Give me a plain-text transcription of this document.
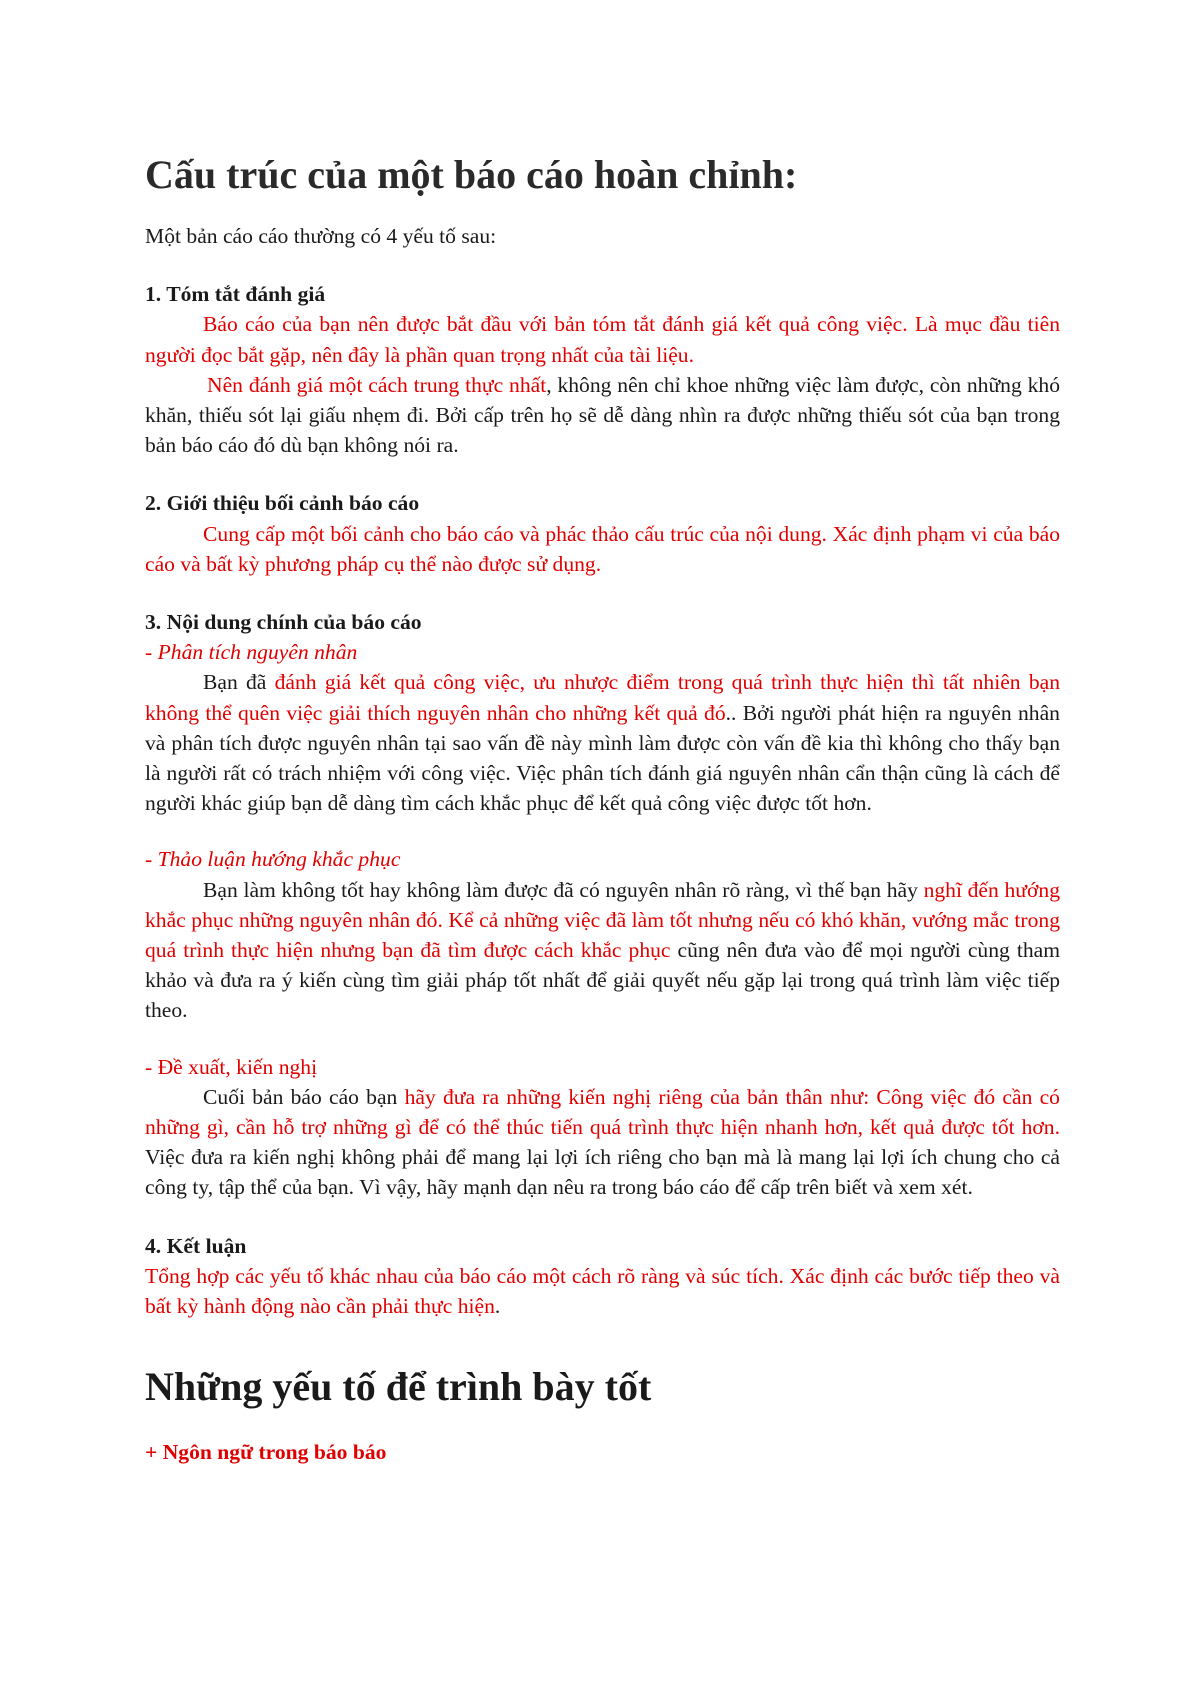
Cấu trúc của một báo cáo hoàn chỉnh:

Một bản cáo cáo thường có 4 yếu tố sau:

1. Tóm tắt đánh giá

Báo cáo của bạn nên được bắt đầu với bản tóm tắt đánh giá kết quả công việc. Là mục đầu tiên người đọc bắt gặp, nên đây là phần quan trọng nhất của tài liệu.

Nên đánh giá một cách trung thực nhất, không nên chỉ khoe những việc làm được, còn những khó khăn, thiếu sót lại giấu nhẹm đi. Bởi cấp trên họ sẽ dễ dàng nhìn ra được những thiếu sót của bạn trong bản báo cáo đó dù bạn không nói ra.

2. Giới thiệu bối cảnh báo cáo

Cung cấp một bối cảnh cho báo cáo và phác thảo cấu trúc của nội dung. Xác định phạm vi của báo cáo và bất kỳ phương pháp cụ thể nào được sử dụng.

3. Nội dung chính của báo cáo

- Phân tích nguyên nhân

Bạn đã đánh giá kết quả công việc, ưu nhược điểm trong quá trình thực hiện thì tất nhiên bạn không thể quên việc giải thích nguyên nhân cho những kết quả đó.. Bởi người phát hiện ra nguyên nhân và phân tích được nguyên nhân tại sao vấn đề này mình làm được còn vấn đề kia thì không cho thấy bạn là người rất có trách nhiệm với công việc. Việc phân tích đánh giá nguyên nhân cẩn thận cũng là cách để người khác giúp bạn dễ dàng tìm cách khắc phục để kết quả công việc được tốt hơn.

- Thảo luận hướng khắc phục

Bạn làm không tốt hay không làm được đã có nguyên nhân rõ ràng, vì thế bạn hãy nghĩ đến hướng khắc phục những nguyên nhân đó. Kể cả những việc đã làm tốt nhưng nếu có khó khăn, vướng mắc trong quá trình thực hiện nhưng bạn đã tìm được cách khắc phục cũng nên đưa vào để mọi người cùng tham khảo và đưa ra ý kiến cùng tìm giải pháp tốt nhất để giải quyết nếu gặp lại trong quá trình làm việc tiếp theo.

- Đề xuất, kiến nghị

Cuối bản báo cáo bạn hãy đưa ra những kiến nghị riêng của bản thân như: Công việc đó cần có những gì, cần hỗ trợ những gì để có thể thúc tiến quá trình thực hiện nhanh hơn, kết quả được tốt hơn. Việc đưa ra kiến nghị không phải để mang lại lợi ích riêng cho bạn mà là mang lại lợi ích chung cho cả công ty, tập thể của bạn. Vì vậy, hãy mạnh dạn nêu ra trong báo cáo để cấp trên biết và xem xét.

4. Kết luận

Tổng hợp các yếu tố khác nhau của báo cáo một cách rõ ràng và súc tích. Xác định các bước tiếp theo và bất kỳ hành động nào cần phải thực hiện.

Những yếu tố để trình bày tốt

+ Ngôn ngữ trong báo báo
